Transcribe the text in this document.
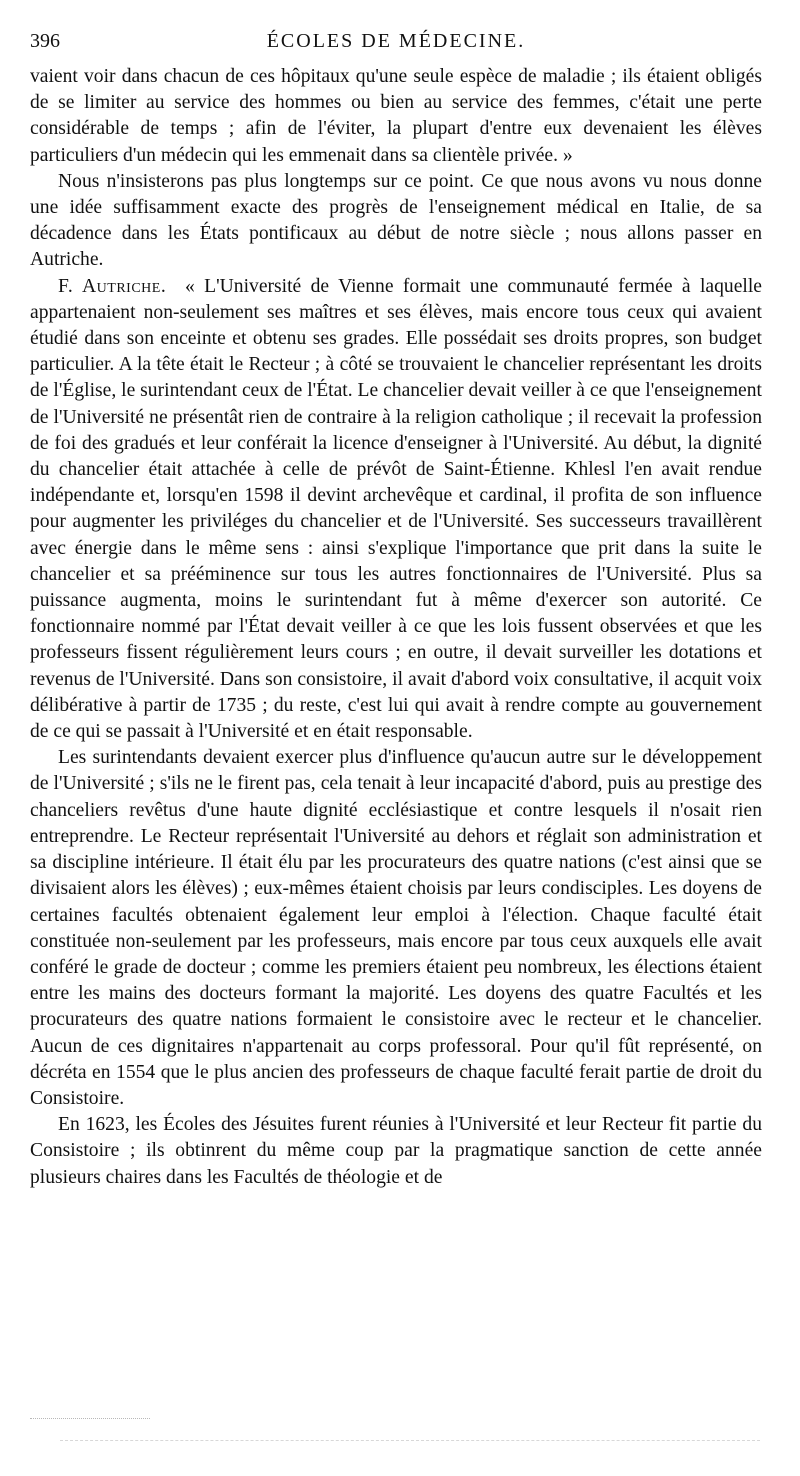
396	ÉCOLES DE MÉDECINE.

vaient voir dans chacun de ces hôpitaux qu'une seule espèce de maladie ; ils étaient obligés de se limiter au service des hommes ou bien au service des femmes, c'était une perte considérable de temps ; afin de l'éviter, la plupart d'entre eux devenaient les élèves particuliers d'un médecin qui les emmenait dans sa clientèle privée. »

Nous n'insisterons pas plus longtemps sur ce point. Ce que nous avons vu nous donne une idée suffisamment exacte des progrès de l'enseignement médical en Italie, de sa décadence dans les États pontificaux au début de notre siècle ; nous allons passer en Autriche.

F. Autriche. « L'Université de Vienne formait une communauté fermée à laquelle appartenaient non-seulement ses maîtres et ses élèves, mais encore tous ceux qui avaient étudié dans son enceinte et obtenu ses grades. Elle possédait ses droits propres, son budget particulier. A la tête était le Recteur ; à côté se trouvaient le chancelier représentant les droits de l'Église, le surintendant ceux de l'État. Le chancelier devait veiller à ce que l'enseignement de l'Université ne présentât rien de contraire à la religion catholique ; il recevait la profession de foi des gradués et leur conférait la licence d'enseigner à l'Université. Au début, la dignité du chancelier était attachée à celle de prévôt de Saint-Étienne. Khlesl l'en avait rendue indépendante et, lorsqu'en 1598 il devint archevêque et cardinal, il profita de son influence pour augmenter les priviléges du chancelier et de l'Université. Ses successeurs travaillèrent avec énergie dans le même sens : ainsi s'explique l'importance que prit dans la suite le chancelier et sa prééminence sur tous les autres fonctionnaires de l'Université. Plus sa puissance augmenta, moins le surintendant fut à même d'exercer son autorité. Ce fonctionnaire nommé par l'État devait veiller à ce que les lois fussent observées et que les professeurs fissent régulièrement leurs cours ; en outre, il devait surveiller les dotations et revenus de l'Université. Dans son consistoire, il avait d'abord voix consultative, il acquit voix délibérative à partir de 1735 ; du reste, c'est lui qui avait à rendre compte au gouvernement de ce qui se passait à l'Université et en était responsable.

Les surintendants devaient exercer plus d'influence qu'aucun autre sur le développement de l'Université ; s'ils ne le firent pas, cela tenait à leur incapacité d'abord, puis au prestige des chanceliers revêtus d'une haute dignité ecclésiastique et contre lesquels il n'osait rien entreprendre. Le Recteur représentait l'Université au dehors et réglait son administration et sa discipline intérieure. Il était élu par les procurateurs des quatre nations (c'est ainsi que se divisaient alors les élèves) ; eux-mêmes étaient choisis par leurs condisciples. Les doyens de certaines facultés obtenaient également leur emploi à l'élection. Chaque faculté était constituée non-seulement par les professeurs, mais encore par tous ceux auxquels elle avait conféré le grade de docteur ; comme les premiers étaient peu nombreux, les élections étaient entre les mains des docteurs formant la majorité. Les doyens des quatre Facultés et les procurateurs des quatre nations formaient le consistoire avec le recteur et le chancelier. Aucun de ces dignitaires n'appartenait au corps professoral. Pour qu'il fût représenté, on décréta en 1554 que le plus ancien des professeurs de chaque faculté ferait partie de droit du Consistoire.

En 1623, les Écoles des Jésuites furent réunies à l'Université et leur Recteur fit partie du Consistoire ; ils obtinrent du même coup par la pragmatique sanction de cette année plusieurs chaires dans les Facultés de théologie et de
